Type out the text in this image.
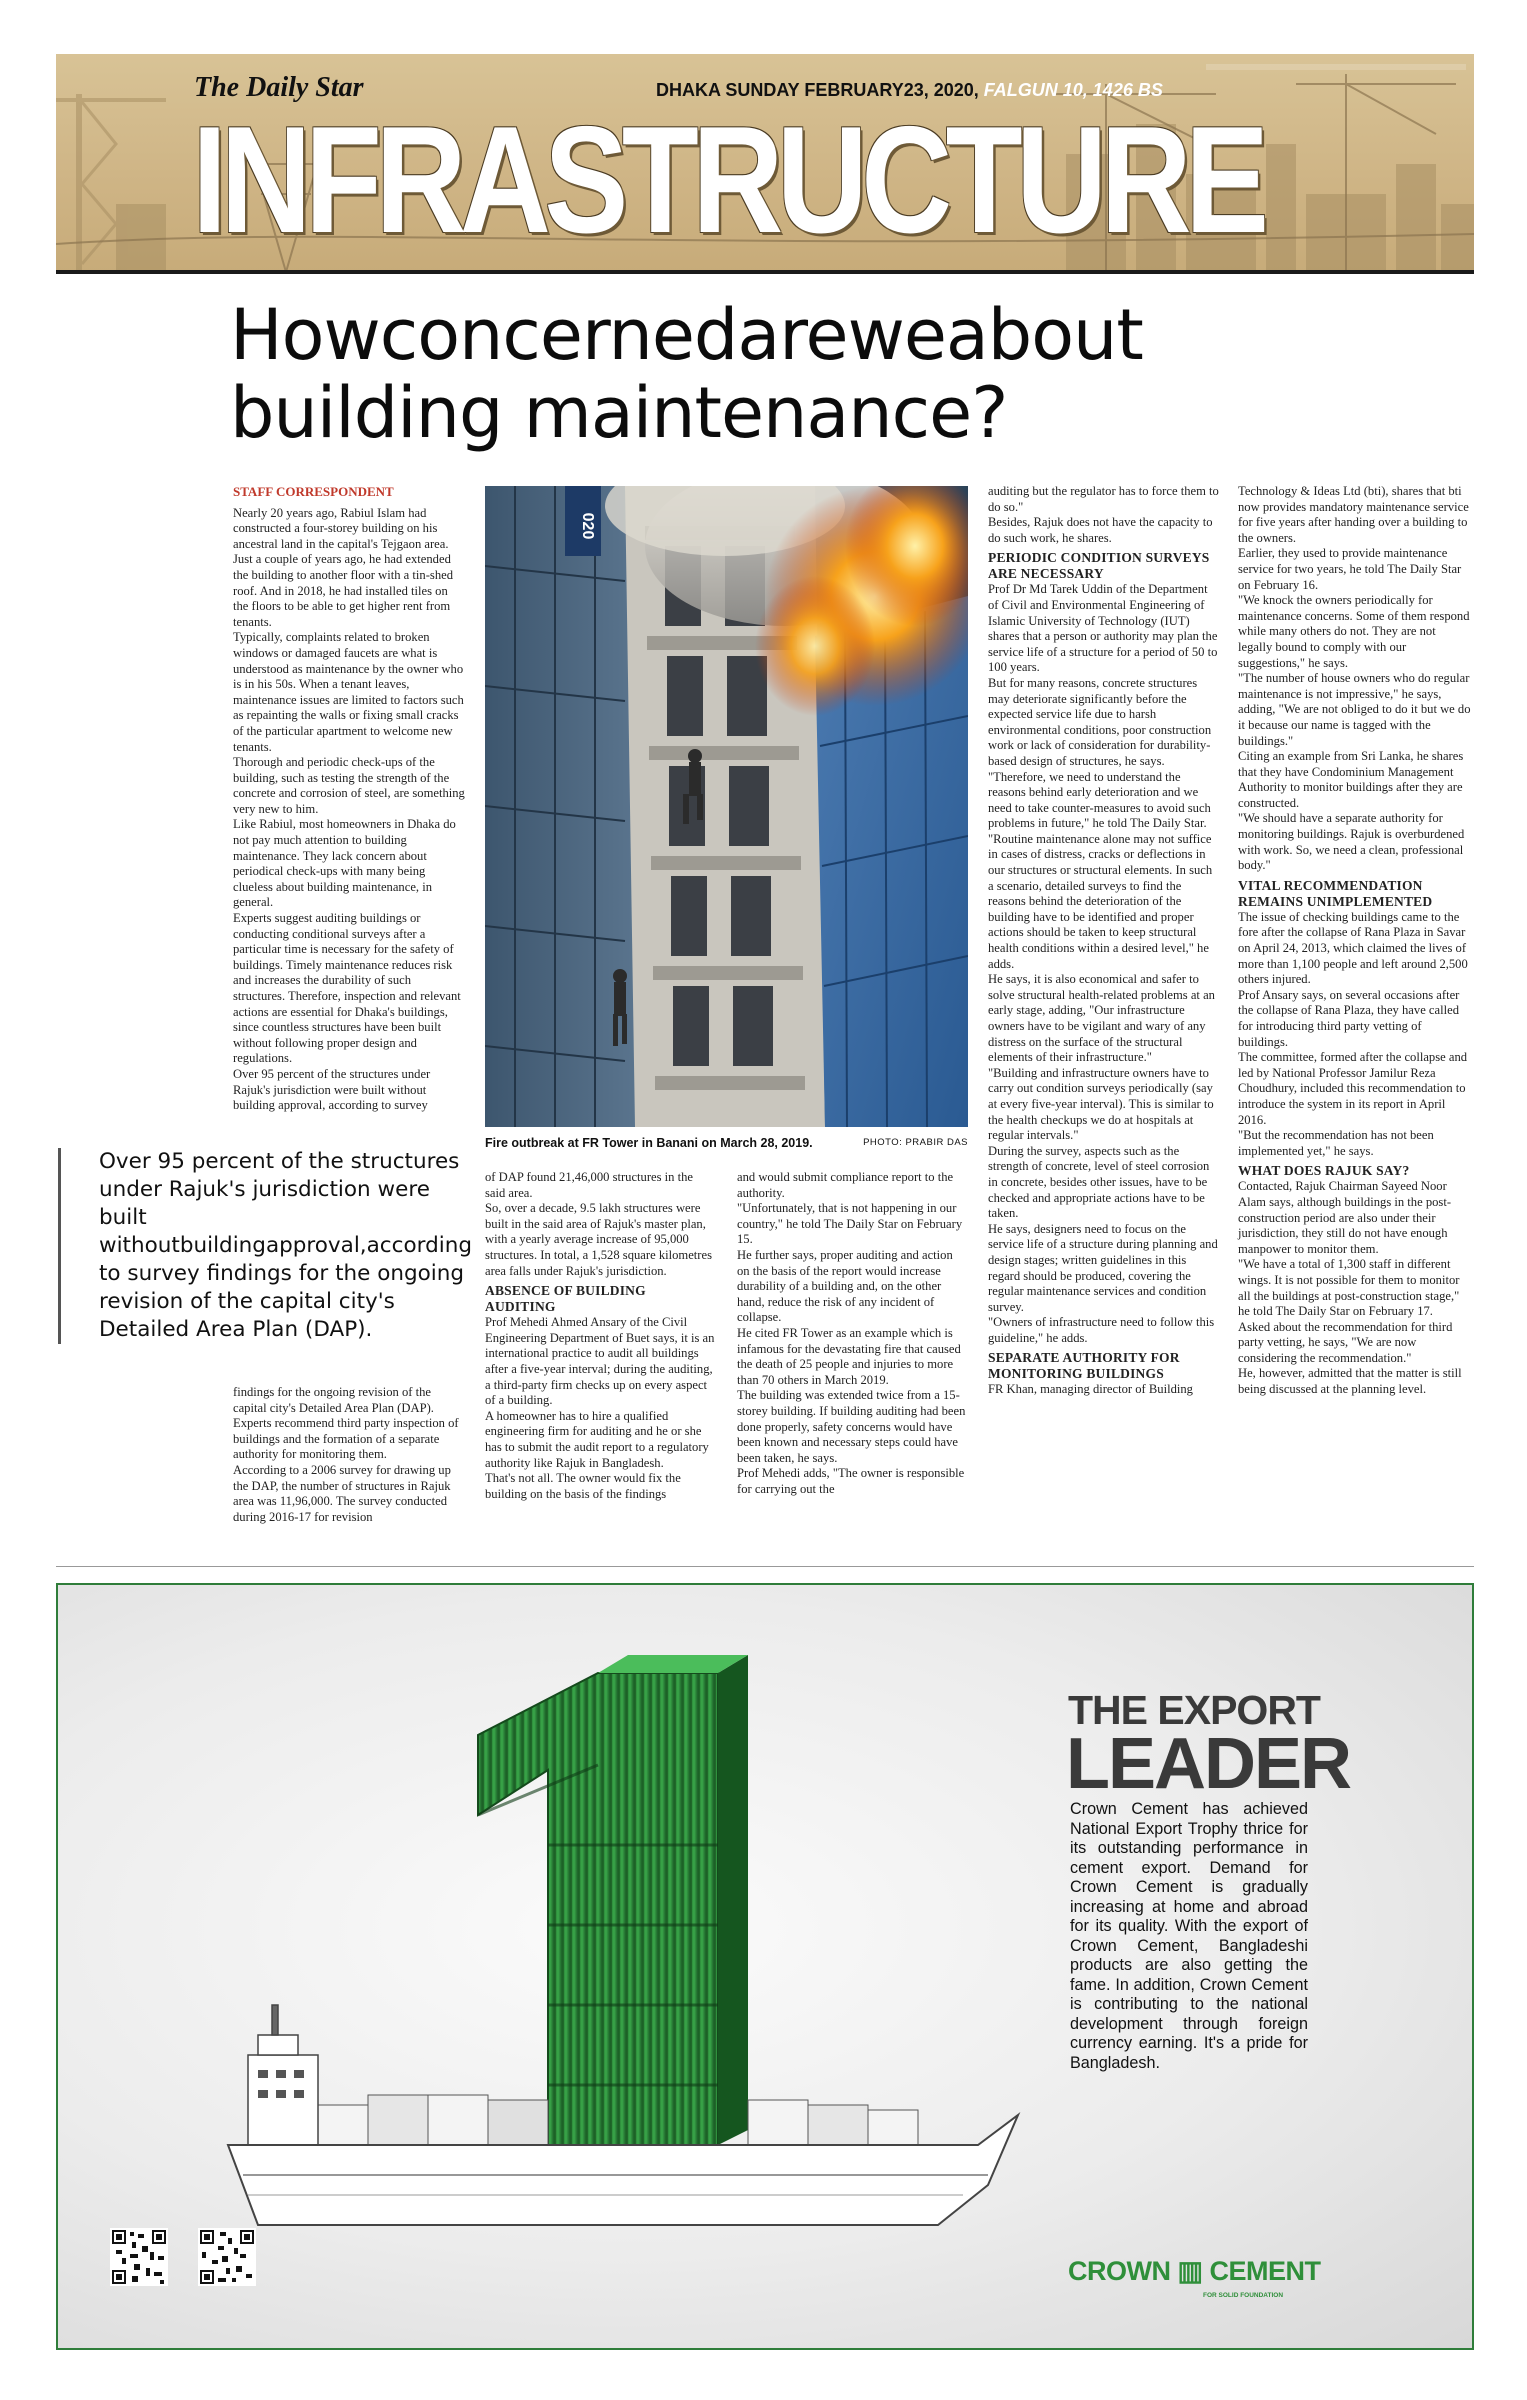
The Daily Star	DHAKA SUNDAY FEBRUARY23, 2020, FALGUN 10, 1426 BS
INFRASTRUCTURE
Howconcernedareweabout building maintenance?
020
Fire outbreak at FR Tower in Banani on March 28, 2019.	PHOTO: PRABIR DAS
STAFF CORRESPONDENT

Nearly 20 years ago, Rabiul Islam had constructed a four-storey building on his ancestral land in the capital's Tejgaon area. Just a couple of years ago, he had extended the building to another floor with a tin-shed roof. And in 2018, he had installed tiles on the floors to be able to get higher rent from tenants.

Typically, complaints related to broken windows or damaged faucets are what is understood as maintenance by the owner who is in his 50s. When a tenant leaves, maintenance issues are limited to factors such as repainting the walls or fixing small cracks of the particular apartment to welcome new tenants.

Thorough and periodic check-ups of the building, such as testing the strength of the concrete and corrosion of steel, are something very new to him.

Like Rabiul, most homeowners in Dhaka do not pay much attention to building maintenance. They lack concern about periodical check-ups with many being clueless about building maintenance, in general.

Experts suggest auditing buildings or conducting conditional surveys after a particular time is necessary for the safety of buildings. Timely maintenance reduces risk and increases the durability of such structures. Therefore, inspection and relevant actions are essential for Dhaka's buildings, since countless structures have been built without following proper design and regulations.

Over 95 percent of the structures under Rajuk's jurisdiction were built without building approval, according to survey

Over 95 percent of the structures under Rajuk's jurisdiction were built withoutbuildingapproval,according to survey findings for the ongoing revision of the capital city's Detailed Area Plan (DAP).

findings for the ongoing revision of the capital city's Detailed Area Plan (DAP).

Experts recommend third party inspection of buildings and the formation of a separate authority for monitoring them.

According to a 2006 survey for drawing up the DAP, the number of structures in Rajuk area was 11,96,000. The survey conducted during 2016-17 for revision

of DAP found 21,46,000 structures in the said area.

So, over a decade, 9.5 lakh structures were built in the said area of Rajuk's master plan, with a yearly average increase of 95,000 structures. In total, a 1,528 square kilometres area falls under Rajuk's jurisdiction.

ABSENCE OF BUILDING AUDITING

Prof Mehedi Ahmed Ansary of the Civil Engineering Department of Buet says, it is an international practice to audit all buildings after a five-year interval; during the auditing, a third-party firm checks up on every aspect of a building.

A homeowner has to hire a qualified engineering firm for auditing and he or she has to submit the audit report to a regulatory authority like Rajuk in Bangladesh.

That's not all. The owner would fix the building on the basis of the findings

and would submit compliance report to the authority.

"Unfortunately, that is not happening in our country," he told The Daily Star on February 15.

He further says, proper auditing and action on the basis of the report would increase durability of a building and, on the other hand, reduce the risk of any incident of collapse.

He cited FR Tower as an example which is infamous for the devastating fire that caused the death of 25 people and injuries to more than 70 others in March 2019.

The building was extended twice from a 15-storey building. If building auditing had been done properly, safety concerns would have been known and necessary steps could have been taken, he says.

Prof Mehedi adds, "The owner is responsible for carrying out the

auditing but the regulator has to force them to do so."

Besides, Rajuk does not have the capacity to do such work, he shares.

PERIODIC CONDITION SURVEYS ARE NECESSARY

Prof Dr Md Tarek Uddin of the Department of Civil and Environmental Engineering of Islamic University of Technology (IUT) shares that a person or authority may plan the service life of a structure for a period of 50 to 100 years.

But for many reasons, concrete structures may deteriorate significantly before the expected service life due to harsh environmental conditions, poor construction work or lack of consideration for durability-based design of structures, he says.

"Therefore, we need to understand the reasons behind early deterioration and we need to take counter-measures to avoid such problems in future," he told The Daily Star.

"Routine maintenance alone may not suffice in cases of distress, cracks or deflections in our structures or structural elements. In such a scenario, detailed surveys to find the reasons behind the deterioration of the building have to be identified and proper actions should be taken to keep structural health conditions within a desired level," he adds.

He says, it is also economical and safer to solve structural health-related problems at an early stage, adding, "Our infrastructure owners have to be vigilant and wary of any distress on the surface of the structural elements of their infrastructure."

"Building and infrastructure owners have to carry out condition surveys periodically (say at every five-year interval). This is similar to the health checkups we do at hospitals at regular intervals."

During the survey, aspects such as the strength of concrete, level of steel corrosion in concrete, besides other issues, have to be checked and appropriate actions have to be taken.

He says, designers need to focus on the service life of a structure during planning and design stages; written guidelines in this regard should be produced, covering the regular maintenance services and condition survey.

"Owners of infrastructure need to follow this guideline," he adds.

SEPARATE AUTHORITY FOR MONITORING BUILDINGS

FR Khan, managing director of Building

Technology & Ideas Ltd (bti), shares that bti now provides mandatory maintenance service for five years after handing over a building to the owners.

Earlier, they used to provide maintenance service for two years, he told The Daily Star on February 16.

"We knock the owners periodically for maintenance concerns. Some of them respond while many others do not. They are not legally bound to comply with our suggestions," he says.

"The number of house owners who do regular maintenance is not impressive," he says, adding, "We are not obliged to do it but we do it because our name is tagged with the buildings."

Citing an example from Sri Lanka, he shares that they have Condominium Management Authority to monitor buildings after they are constructed.

"We should have a separate authority for monitoring buildings. Rajuk is overburdened with work. So, we need a clean, professional body."

VITAL RECOMMENDATION REMAINS UNIMPLEMENTED

The issue of checking buildings came to the fore after the collapse of Rana Plaza in Savar on April 24, 2013, which claimed the lives of more than 1,100 people and left around 2,500 others injured.

Prof Ansary says, on several occasions after the collapse of Rana Plaza, they have called for introducing third party vetting of buildings.

The committee, formed after the collapse and led by National Professor Jamilur Reza Choudhury, included this recommendation to introduce the system in its report in April 2016.

"But the recommendation has not been implemented yet," he says.

WHAT DOES RAJUK SAY?

Contacted, Rajuk Chairman Sayeed Noor Alam says, although buildings in the post-construction period are also under their jurisdiction, they still do not have enough manpower to monitor them.

"We have a total of 1,300 staff in different wings. It is not possible for them to monitor all the buildings at post-construction stage," he told The Daily Star on February 17.

Asked about the recommendation for third party vetting, he says, "We are now considering the recommendation."

He, however, admitted that the matter is still being discussed at the planning level.

THE EXPORT
LEADER
Crown Cement has achieved National Export Trophy thrice for its outstanding performance in cement export. Demand for Crown Cement is gradually increasing at home and abroad for its quality. With the export of Crown Cement, Bangladeshi products are also getting the fame. In addition, Crown Cement is contributing to the national development through foreign currency earning. It's a pride for Bangladesh.
CROWN ▥ CEMENT
FOR SOLID FOUNDATION
